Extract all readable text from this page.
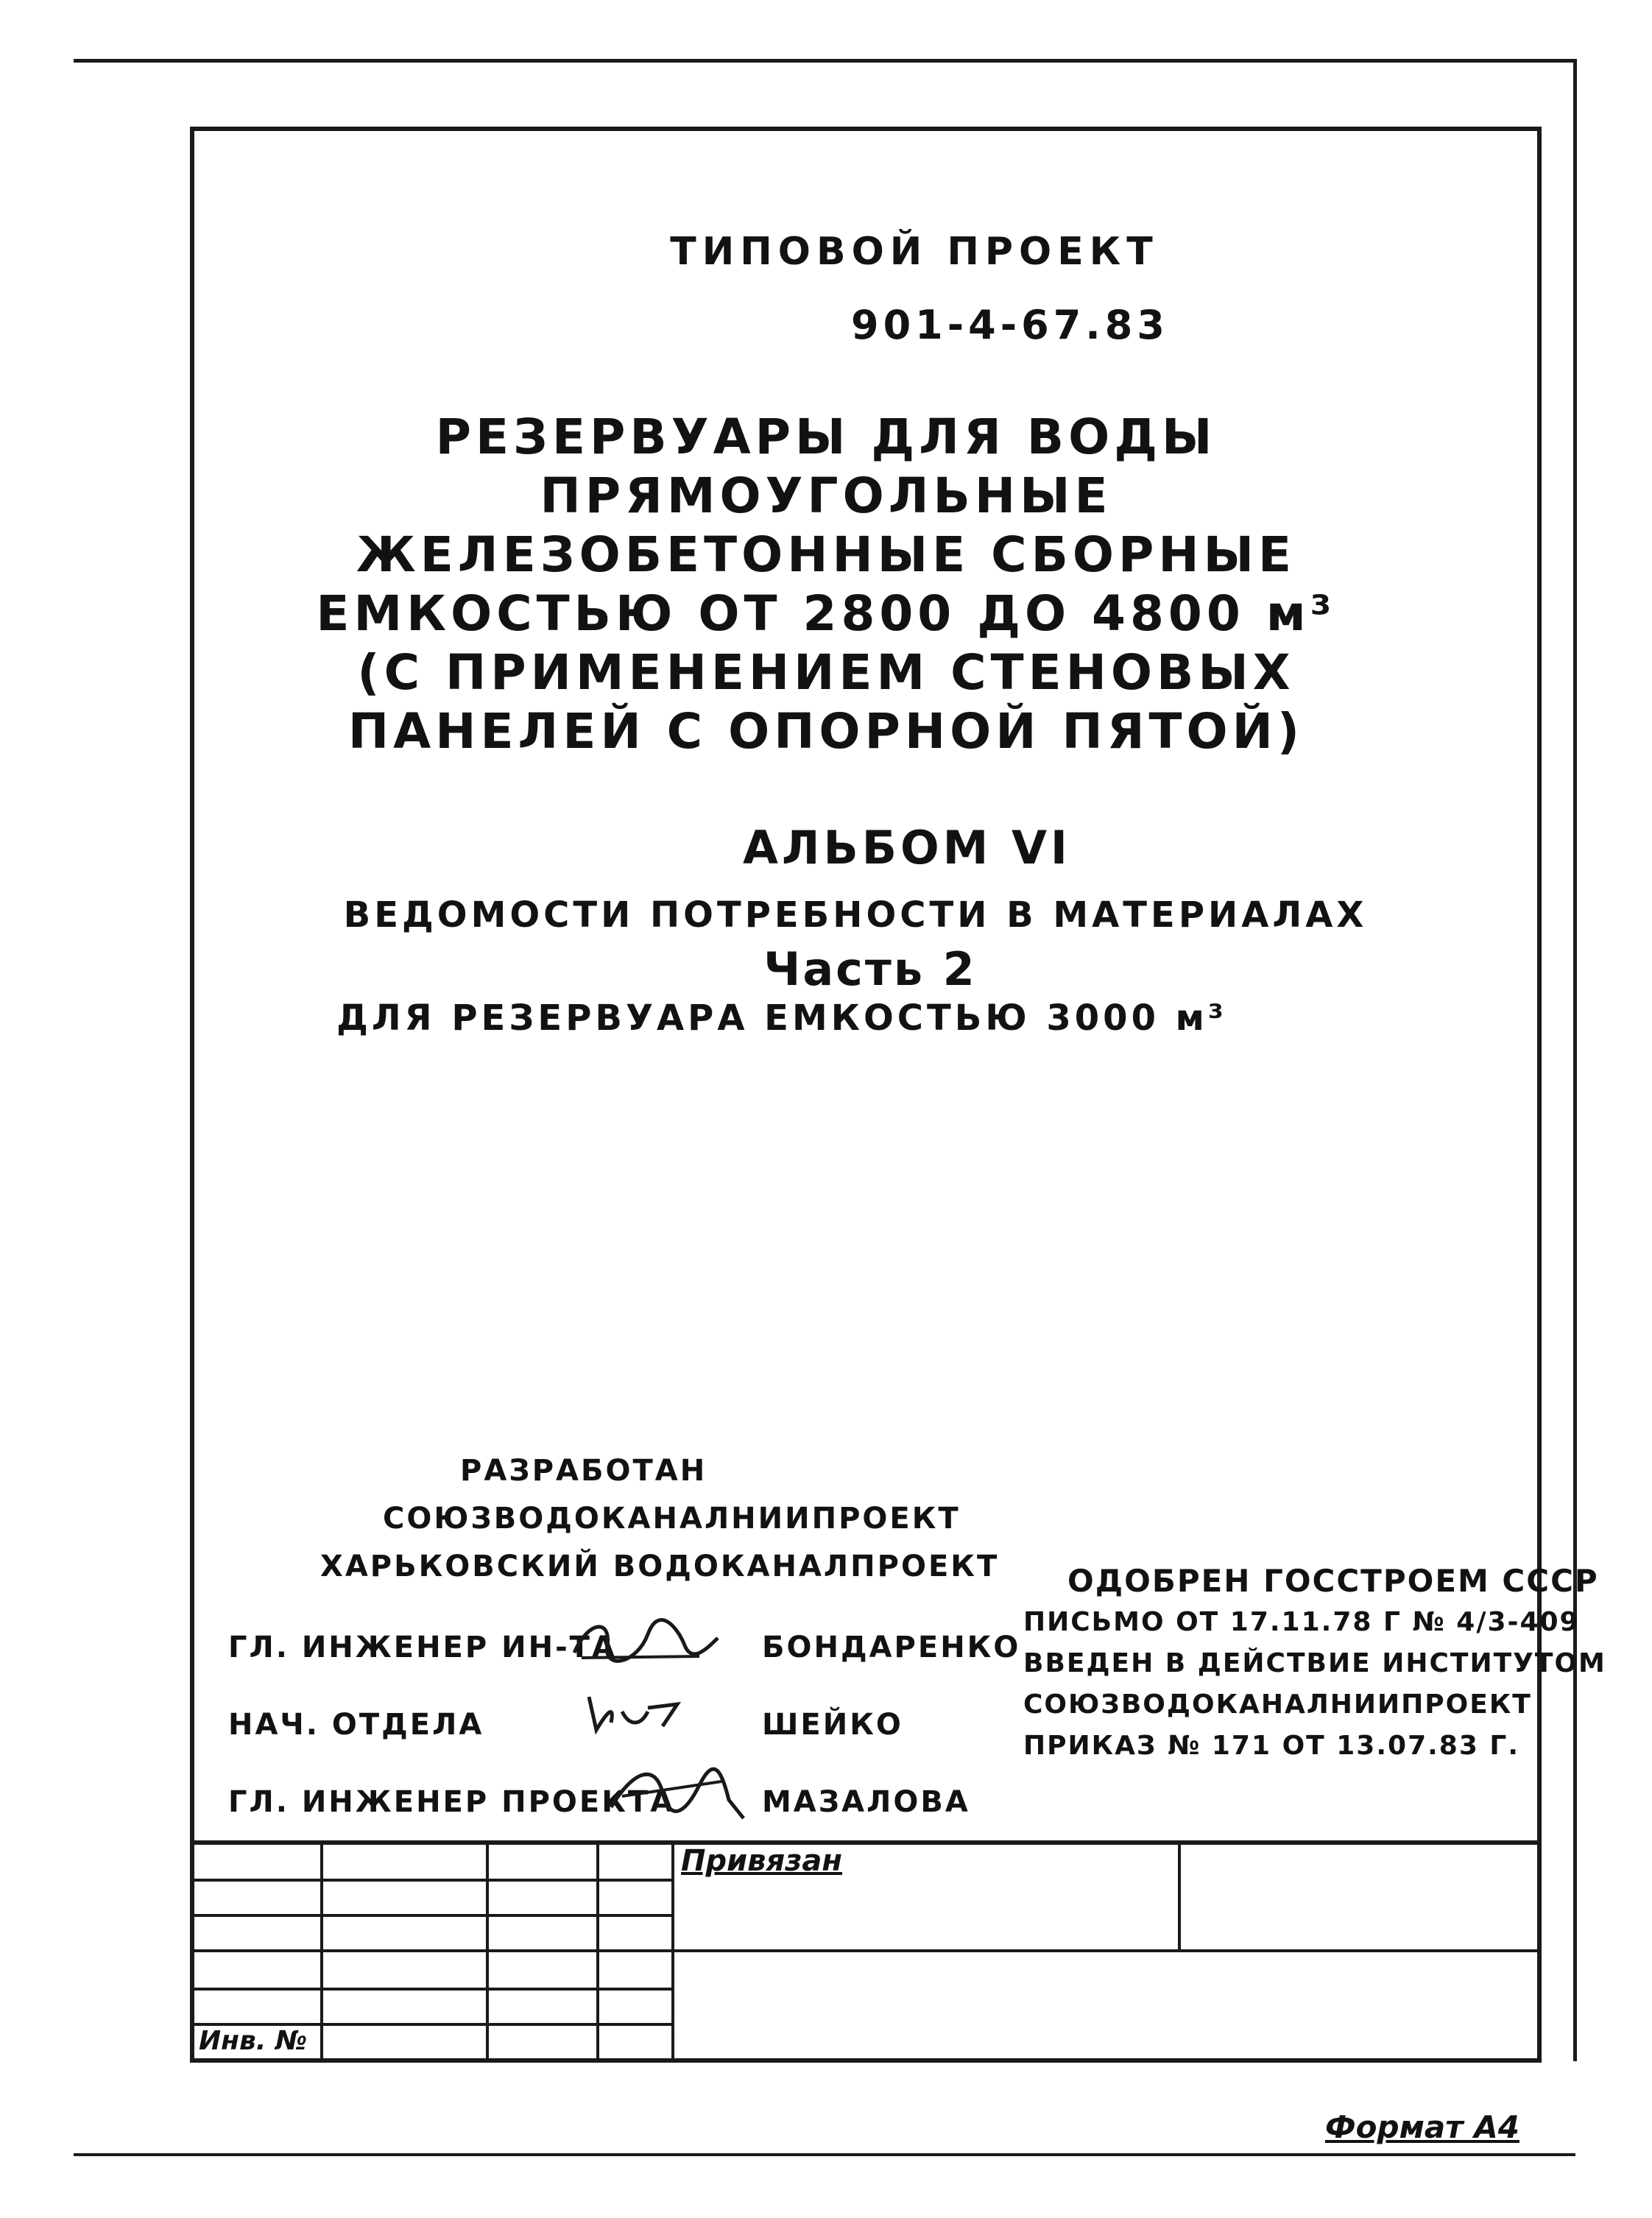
ТИПОВОЙ ПРОЕКТ
901-4-67.83
РЕЗЕРВУАРЫ ДЛЯ ВОДЫ
ПРЯМОУГОЛЬНЫЕ
ЖЕЛЕЗОБЕТОННЫЕ СБОРНЫЕ
ЕМКОСТЬЮ ОТ 2800 ДО 4800 м³
(С ПРИМЕНЕНИЕМ СТЕНОВЫХ
ПАНЕЛЕЙ С ОПОРНОЙ ПЯТОЙ)
АЛЬБОМ VI
ВЕДОМОСТИ ПОТРЕБНОСТИ В МАТЕРИАЛАХ
Часть 2
ДЛЯ РЕЗЕРВУАРА ЕМКОСТЬЮ 3000 м³
РАЗРАБОТАН
СОЮЗВОДОКАНАЛНИИПРОЕКТ
ХАРЬКОВСКИЙ ВОДОКАНАЛПРОЕКТ
ГЛ. ИНЖЕНЕР ИН-ТА	БОНДАРЕНКО
НАЧ. ОТДЕЛА	ШЕЙКО
ГЛ. ИНЖЕНЕР ПРОЕКТА	МАЗАЛОВА
ОДОБРЕН ГОССТРОЕМ СССР
ПИСЬМО ОТ 17.11.78 Г № 4/3-409
ВВЕДЕН В ДЕЙСТВИЕ ИНСТИТУТОМ
СОЮЗВОДОКАНАЛНИИПРОЕКТ
ПРИКАЗ № 171 ОТ 13.07.83 Г.
Привязан
Инв. №
Формат А4
